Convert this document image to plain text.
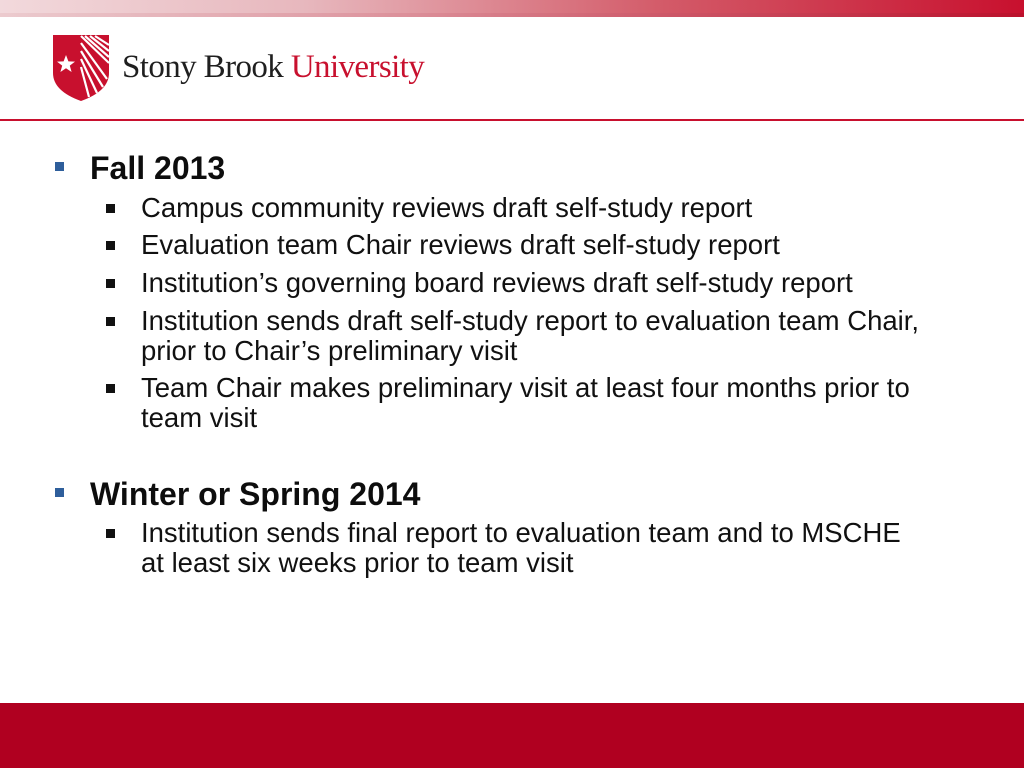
Stony Brook University
Fall 2013
Campus community reviews draft self-study report
Evaluation team Chair reviews draft self-study report
Institution’s governing board reviews draft self-study report
Institution sends draft self-study report to evaluation team Chair, prior to Chair’s preliminary visit
Team Chair makes preliminary visit at least four months prior to team visit
Winter or Spring 2014
Institution sends final report to evaluation team and to MSCHE at least six weeks prior to team visit
